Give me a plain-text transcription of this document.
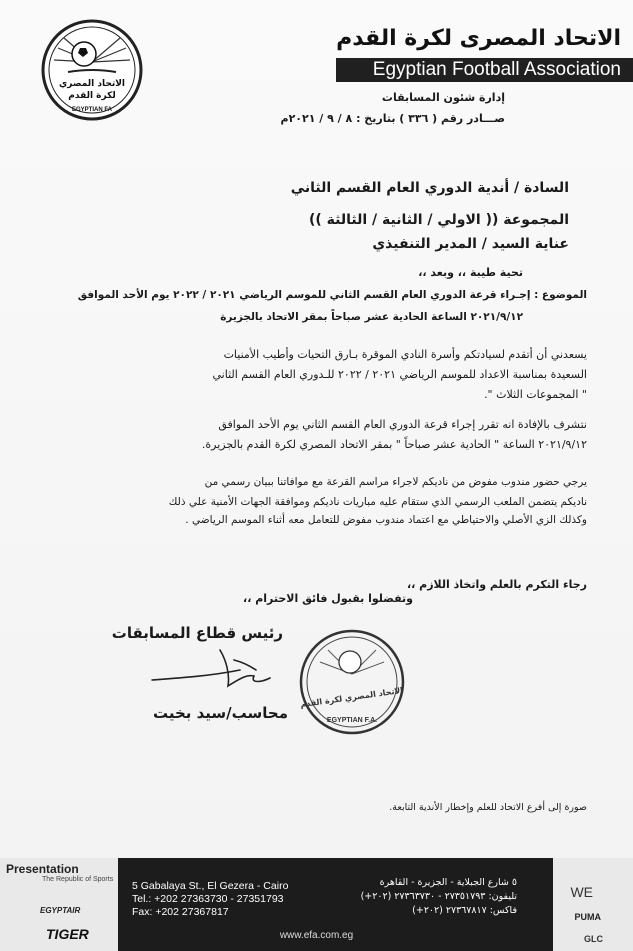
الاتحاد المصري
لكرة القدم
EGYPTIAN FA
الاتحاد المصرى لكرة القدم
Egyptian Football Association
إدارة شئون المسابقات
صـــادر رقم ( ٣٣٦ ) بتاريخ : ٨ / ٩ / ٢٠٢١م
السادة / أندية الدوري العام القسم الثاني
المجموعة (( الاولي / الثانية / الثالثة ))
عناية السيد / المدير التنفيذي
تحية طيبة ،، وبعد ،،
الموضوع : إجـراء قرعة الدوري العام القسم الثاني للموسم الرياضي ٢٠٢١ / ٢٠٢٢ يوم الأحد الموافق
٢٠٢١/٩/١٢ الساعة الحادية عشر صباحاً بمقر الاتحاد بالجزيرة
يسعدني أن أتقدم لسيادتكم وأسرة النادي الموقرة بـارق التحيات وأطيب الأمنيات
السعيدة بمناسبة الاعداد للموسم الرياضي ٢٠٢١ / ٢٠٢٢ للـدوري العام القسم الثاني
" المجموعات الثلاث ".
نتشرف بالإفادة انه تقرر إجراء قرعة الدوري العام القسم الثاني يوم الأحد الموافق
٢٠٢١/٩/١٢ الساعة " الحادية عشر صباحاً " بمقر الاتحاد المصري لكرة القدم بالجزيرة.
يرجي حضور مندوب مفوض من ناديكم لاجراء مراسم القرعة مع موافاتنا ببيان رسمي من
ناديكم يتضمن الملعب الرسمي الذي ستقام عليه مباريات ناديكم وموافقة الجهات الأمنية علي ذلك
وكذلك الزي الأصلي والاحتياطي مع اعتماد مندوب مفوض للتعامل معه أثناء الموسم الرياضي .
رجاء التكرم بالعلم واتخاذ اللازم ،،
وتفضلوا بقبول فائق الاحترام ،،
رئيس قطاع المسابقات
الاتحاد المصري لكرة القدم
EGYPTIAN F.A.
محاسب/سيد بخيت
صورة إلى أفرع الاتحاد للعلم وإخطار الأندية التابعة.
Presentation
The Republic of Sports
EGYPTAIR
TIGER
WE
PUMA
GLC
5 Gabalaya St., El Gezera - Cairo
Tel.: +202 27363730 - 27351793
Fax: +202 27367817
٥ شارع الجبلاية - الجزيرة - القاهرة
تليفون: ٢٧٣٥١٧٩٣ - ٢٧٣٦٣٧٣٠ (٢٠٢+)
فاكس: ٢٧٣٦٧٨١٧ (٢٠٢+)
www.efa.com.eg
